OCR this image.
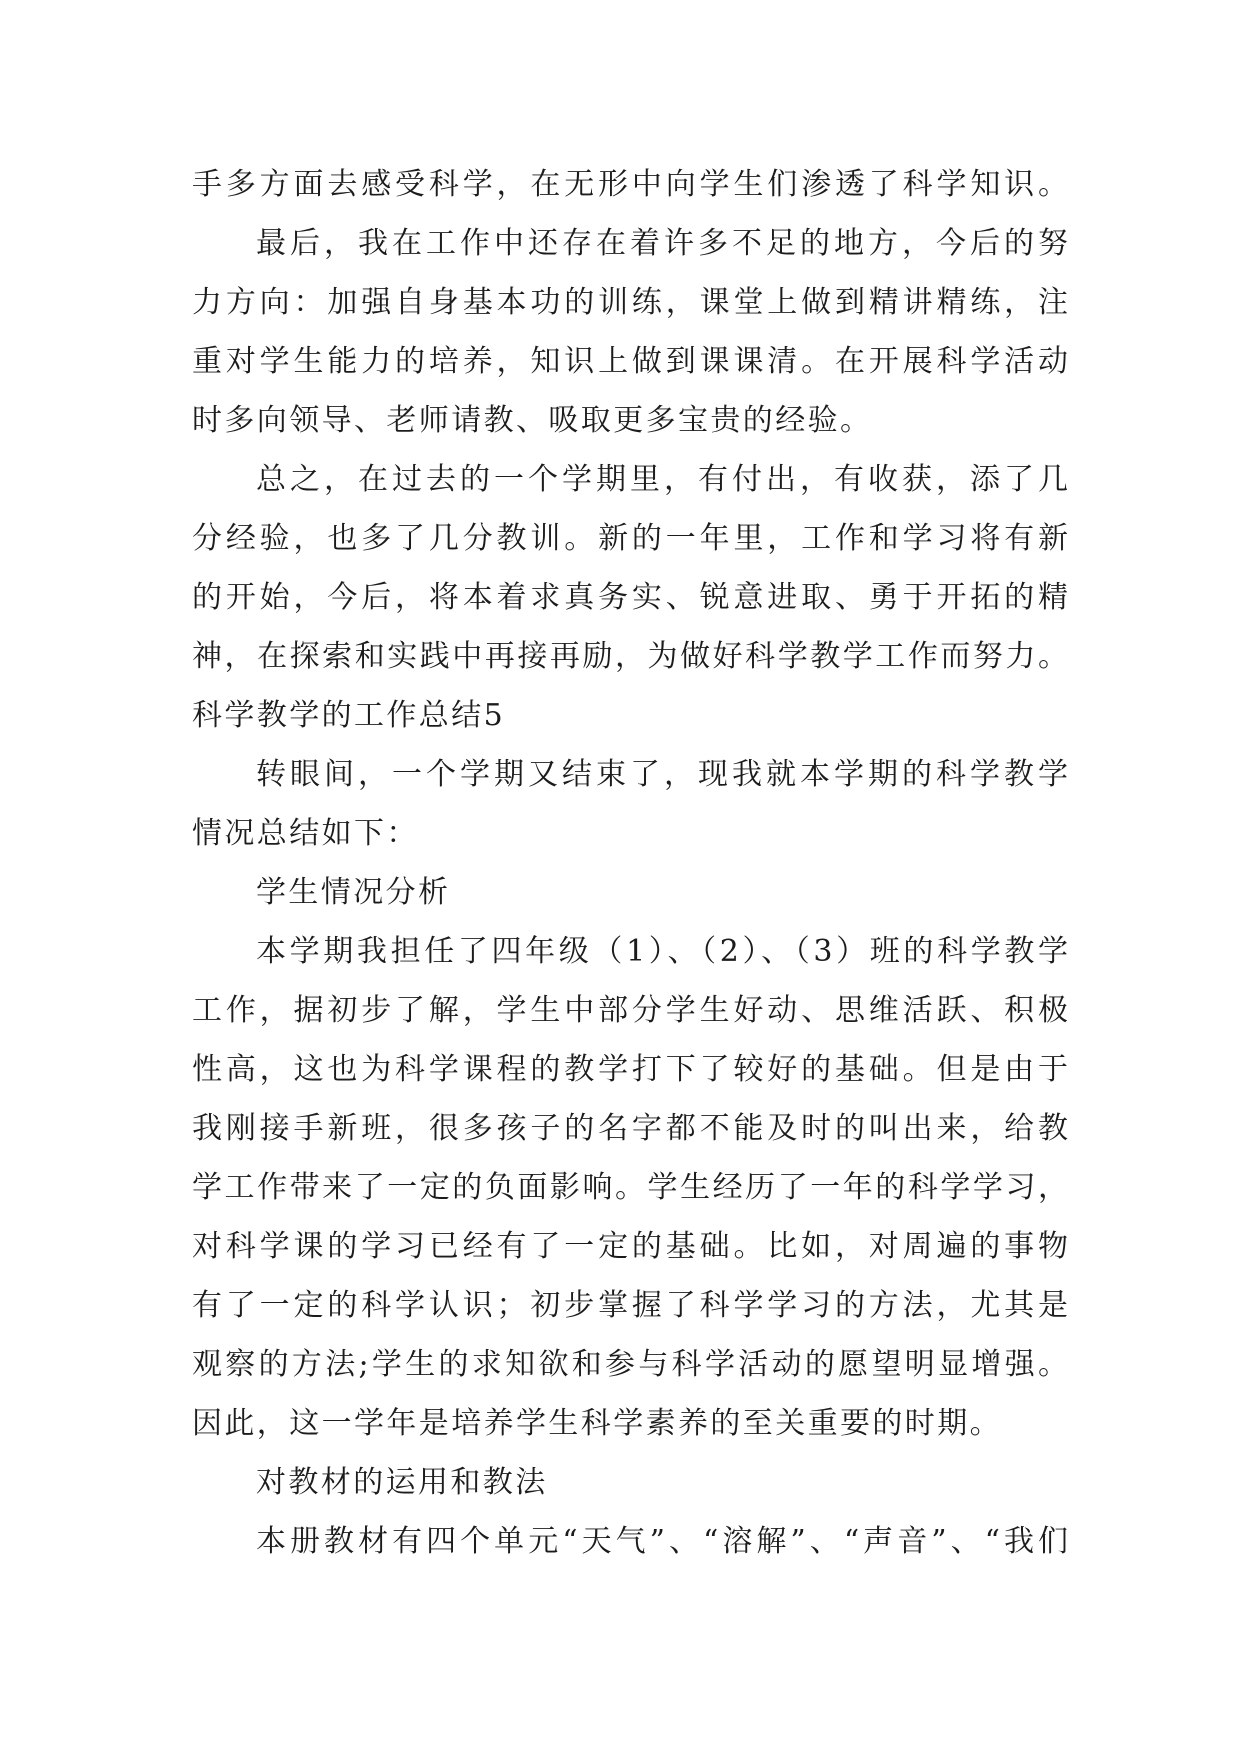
手多方面去感受科学，在无形中向学生们渗透了科学知识。
最后，我在工作中还存在着许多不足的地方，今后的努
力方向：加强自身基本功的训练，课堂上做到精讲精练，注
重对学生能力的培养，知识上做到课课清。在开展科学活动
时多向领导、老师请教、吸取更多宝贵的经验。
总之，在过去的一个学期里，有付出，有收获，添了几
分经验，也多了几分教训。新的一年里，工作和学习将有新
的开始，今后，将本着求真务实、锐意进取、勇于开拓的精
神，在探索和实践中再接再励，为做好科学教学工作而努力。
科学教学的工作总结5
转眼间，一个学期又结束了，现我就本学期的科学教学
情况总结如下：
学生情况分析
本学期我担任了四年级（1）、（2）、（3）班的科学教学
工作，据初步了解，学生中部分学生好动、思维活跃、积极
性高，这也为科学课程的教学打下了较好的基础。但是由于
我刚接手新班，很多孩子的名字都不能及时的叫出来，给教
学工作带来了一定的负面影响。学生经历了一年的科学学习，
对科学课的学习已经有了一定的基础。比如，对周遍的事物
有了一定的科学认识；初步掌握了科学学习的方法，尤其是
观察的方法;学生的求知欲和参与科学活动的愿望明显增强。
因此，这一学年是培养学生科学素养的至关重要的时期。
对教材的运用和教法
本册教材有四个单元“天气”、“溶解”、“声音”、“我们
